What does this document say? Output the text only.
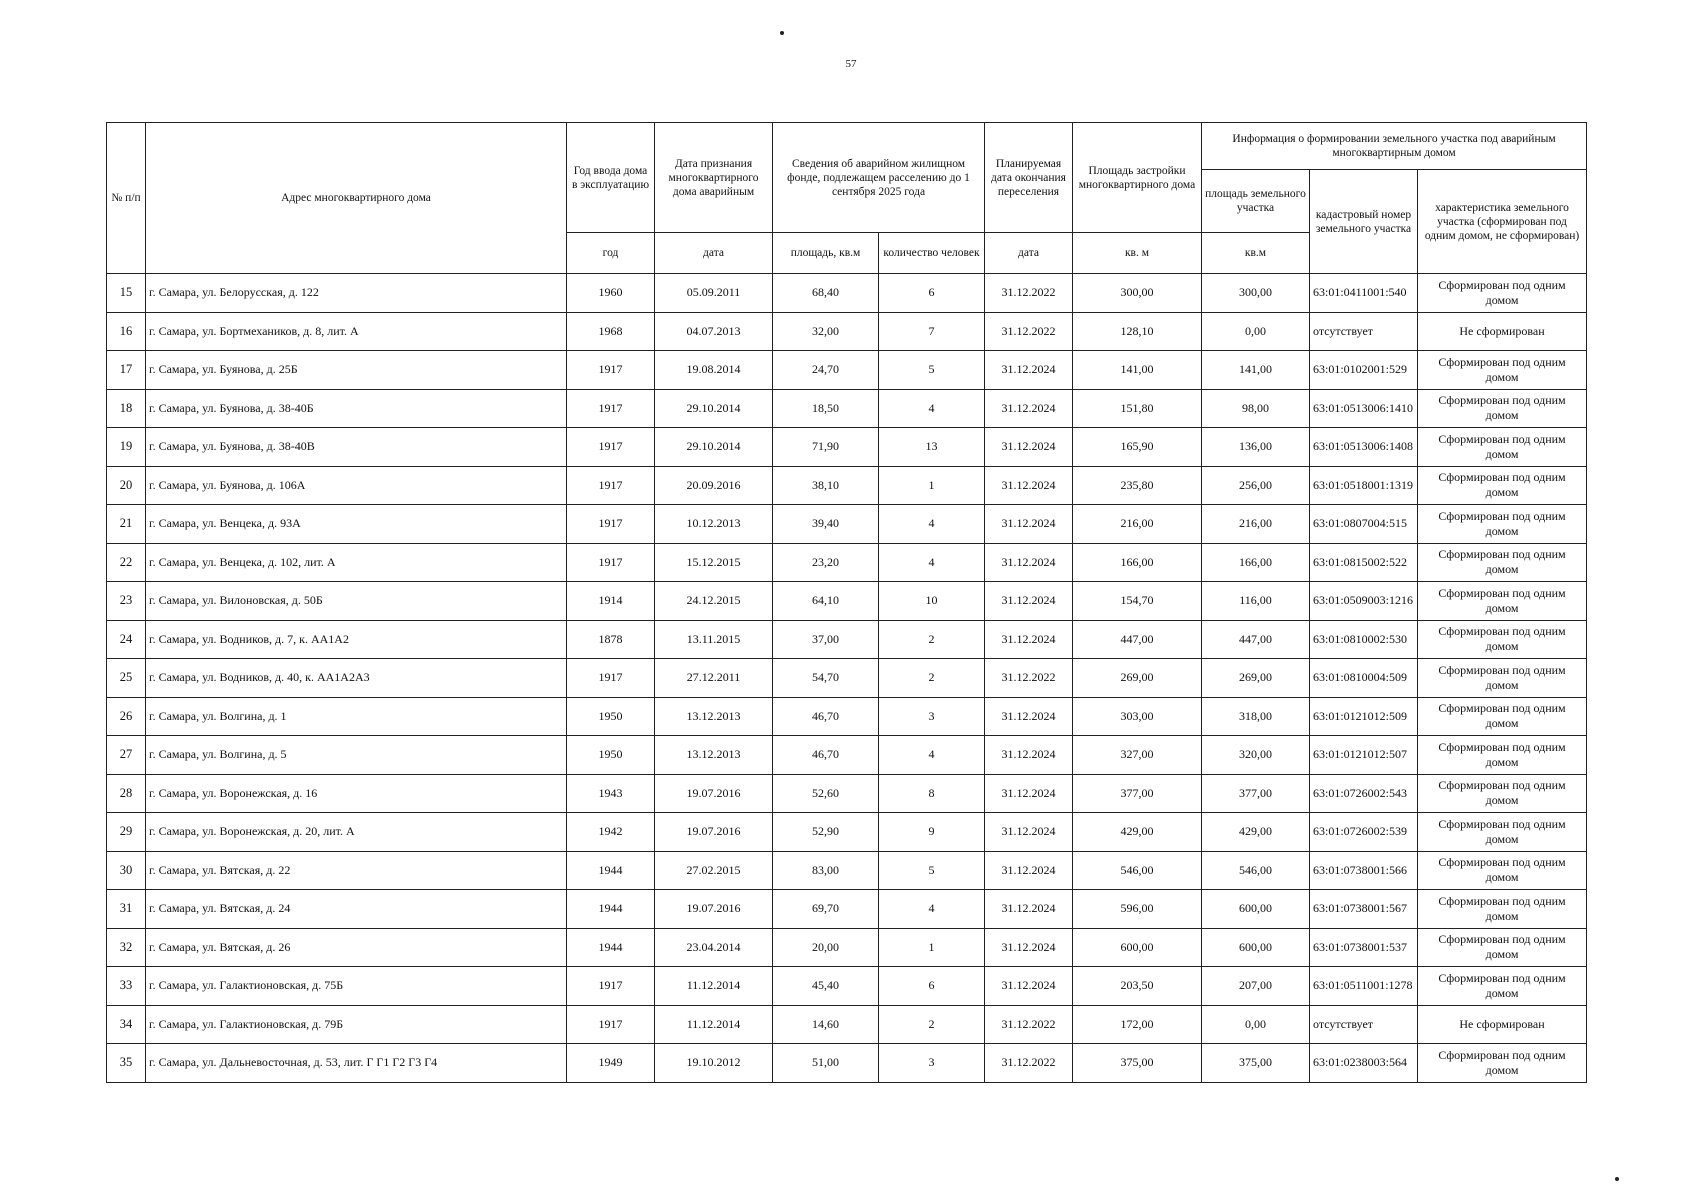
57
№ п/п	Адрес многоквартирного дома	Год ввода дома в эксплуатацию	Дата признания многоквартирного дома аварийным	Сведения об аварийном жилищном фонде, подлежащем расселению до 1 сентября 2025 года		Планируемая дата окончания переселения	Площадь застройки многоквартирного дома	Информация о формировании земельного участка под аварийным многоквартирным домом		
								площадь земельного участка	кадастровый номер земельного участка	характеристика земельного участка (сформирован под одним домом, не сформирован)
		год	дата	площадь, кв.м	количество человек	дата	кв. м	кв.м		
15	г. Самара, ул. Белорусская, д. 122	1960	05.09.2011	68,40	6	31.12.2022	300,00	300,00	63:01:0411001:540	Сформирован под одним домом
16	г. Самара, ул. Бортмехаников, д. 8, лит. А	1968	04.07.2013	32,00	7	31.12.2022	128,10	0,00	отсутствует	Не сформирован
17	г. Самара, ул. Буянова, д. 25Б	1917	19.08.2014	24,70	5	31.12.2024	141,00	141,00	63:01:0102001:529	Сформирован под одним домом
18	г. Самара, ул. Буянова, д. 38-40Б	1917	29.10.2014	18,50	4	31.12.2024	151,80	98,00	63:01:0513006:1410	Сформирован под одним домом
19	г. Самара, ул. Буянова, д. 38-40В	1917	29.10.2014	71,90	13	31.12.2024	165,90	136,00	63:01:0513006:1408	Сформирован под одним домом
20	г. Самара, ул. Буянова, д. 106А	1917	20.09.2016	38,10	1	31.12.2024	235,80	256,00	63:01:0518001:1319	Сформирован под одним домом
21	г. Самара, ул. Венцека, д. 93А	1917	10.12.2013	39,40	4	31.12.2024	216,00	216,00	63:01:0807004:515	Сформирован под одним домом
22	г. Самара, ул. Венцека, д. 102, лит. А	1917	15.12.2015	23,20	4	31.12.2024	166,00	166,00	63:01:0815002:522	Сформирован под одним домом
23	г. Самара, ул. Вилоновская, д. 50Б	1914	24.12.2015	64,10	10	31.12.2024	154,70	116,00	63:01:0509003:1216	Сформирован под одним домом
24	г. Самара, ул. Водников, д. 7, к. АА1А2	1878	13.11.2015	37,00	2	31.12.2024	447,00	447,00	63:01:0810002:530	Сформирован под одним домом
25	г. Самара, ул. Водников, д. 40, к. АА1А2А3	1917	27.12.2011	54,70	2	31.12.2022	269,00	269,00	63:01:0810004:509	Сформирован под одним домом
26	г. Самара, ул. Волгина, д. 1	1950	13.12.2013	46,70	3	31.12.2024	303,00	318,00	63:01:0121012:509	Сформирован под одним домом
27	г. Самара, ул. Волгина, д. 5	1950	13.12.2013	46,70	4	31.12.2024	327,00	320,00	63:01:0121012:507	Сформирован под одним домом
28	г. Самара, ул. Воронежская, д. 16	1943	19.07.2016	52,60	8	31.12.2024	377,00	377,00	63:01:0726002:543	Сформирован под одним домом
29	г. Самара, ул. Воронежская, д. 20, лит. А	1942	19.07.2016	52,90	9	31.12.2024	429,00	429,00	63:01:0726002:539	Сформирован под одним домом
30	г. Самара, ул. Вятская, д. 22	1944	27.02.2015	83,00	5	31.12.2024	546,00	546,00	63:01:0738001:566	Сформирован под одним домом
31	г. Самара, ул. Вятская, д. 24	1944	19.07.2016	69,70	4	31.12.2024	596,00	600,00	63:01:0738001:567	Сформирован под одним домом
32	г. Самара, ул. Вятская, д. 26	1944	23.04.2014	20,00	1	31.12.2024	600,00	600,00	63:01:0738001:537	Сформирован под одним домом
33	г. Самара, ул. Галактионовская, д. 75Б	1917	11.12.2014	45,40	6	31.12.2024	203,50	207,00	63:01:0511001:1278	Сформирован под одним домом
34	г. Самара, ул. Галактионовская, д. 79Б	1917	11.12.2014	14,60	2	31.12.2022	172,00	0,00	отсутствует	Не сформирован
35	г. Самара, ул. Дальневосточная, д. 53, лит. Г Г1 Г2 Г3 Г4	1949	19.10.2012	51,00	3	31.12.2022	375,00	375,00	63:01:0238003:564	Сформирован под одним домом
